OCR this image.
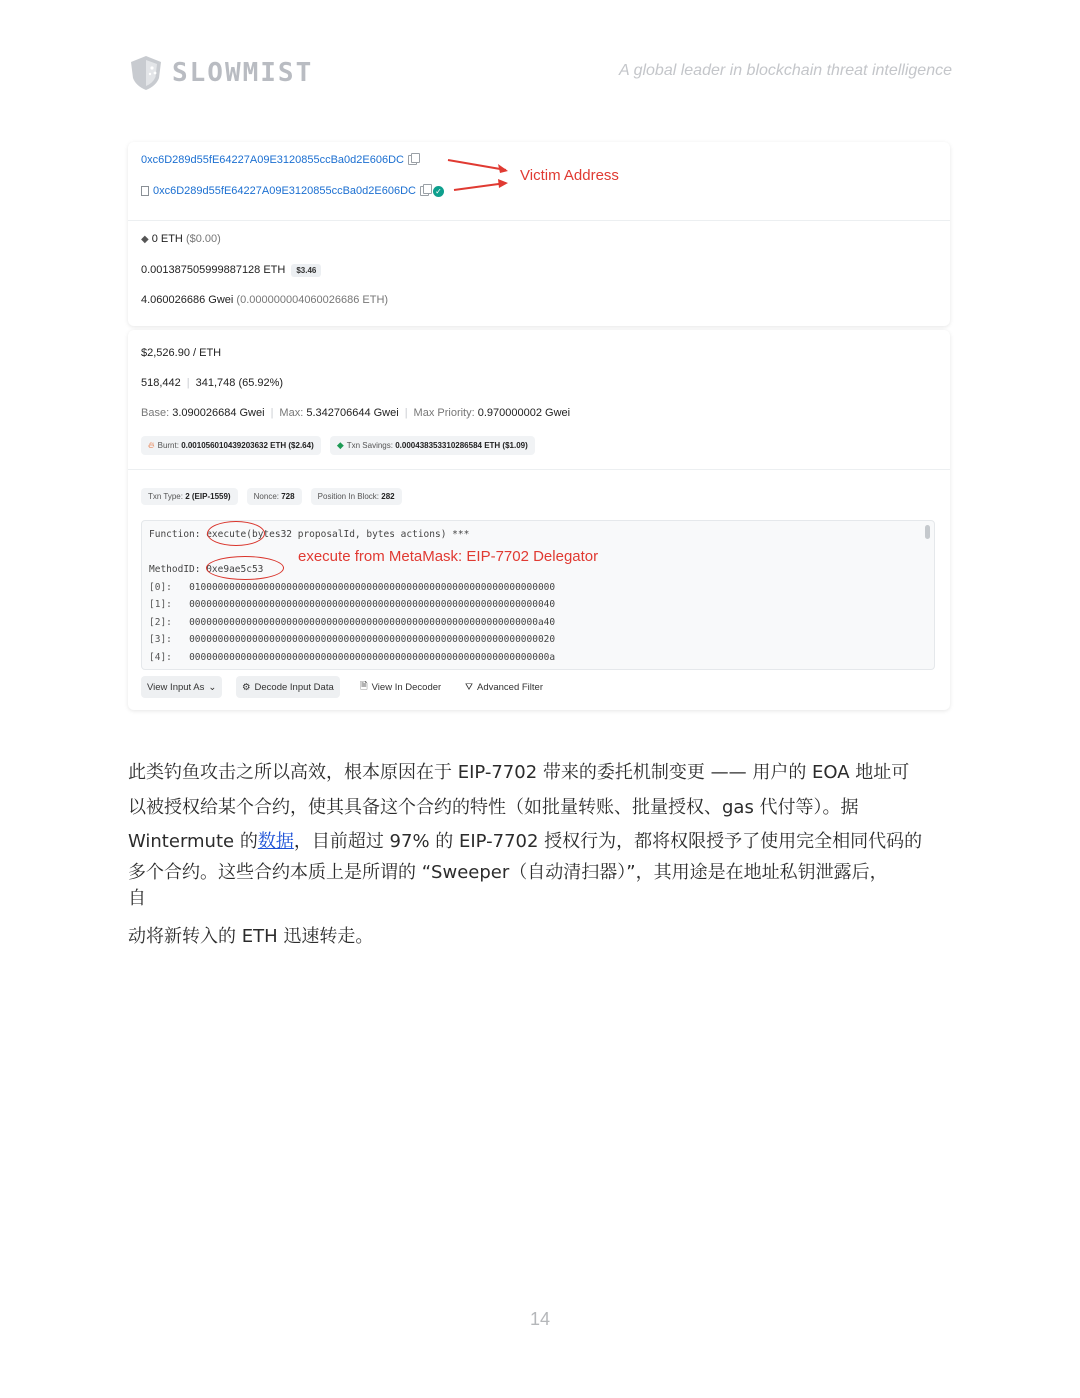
SLOWMIST	A global leader in blockchain threat intelligence
0xc6D289d55fE64227A09E3120855ccBa0d2E606DC
0xc6D289d55fE64227A09E3120855ccBa0d2E606DC ✓
Victim Address
◆ 0 ETH ($0.00)
0.001387505999887128 ETH $3.46
4.060026686 Gwei (0.000000004060026686 ETH)
$2,526.90 / ETH
518,442 | 341,748 (65.92%)
Base: 3.090026684 Gwei | Max: 5.342706644 Gwei | Max Priority: 0.970000002 Gwei
🔥︎ Burnt: 0.001056010439203632 ETH ($2.64)	◆ Txn Savings: 0.000438353310286584 ETH ($1.09)
Txn Type: 2 (EIP-1559)	Nonce: 728	Position In Block: 282
Function: execute(bytes32 proposalId, bytes actions) ***
MethodID: 0xe9ae5c53
[0]: 0100000000000000000000000000000000000000000000000000000000000000
[1]: 0000000000000000000000000000000000000000000000000000000000000040
[2]: 0000000000000000000000000000000000000000000000000000000000000a40
[3]: 0000000000000000000000000000000000000000000000000000000000000020
[4]: 000000000000000000000000000000000000000000000000000000000000000a
execute from MetaMask: EIP-7702 Delegator
View Input As ⌄	⚙ Decode Input Data	🗎︎ View In Decoder	⛛ Advanced Filter
此类钓鱼攻击之所以高效，根本原因在于 EIP-7702 带来的委托机制变更 —— 用户的 EOA 地址可
以被授权给某个合约，使其具备这个合约的特性（如批量转账、批量授权、gas 代付等）。据
Wintermute 的数据，目前超过 97% 的 EIP-7702 授权行为，都将权限授予了使用完全相同代码的
多个合约。这些合约本质上是所谓的 “Sweeper（自动清扫器）”，其用途是在地址私钥泄露后，
自
动将新转入的 ETH 迅速转走。
14
